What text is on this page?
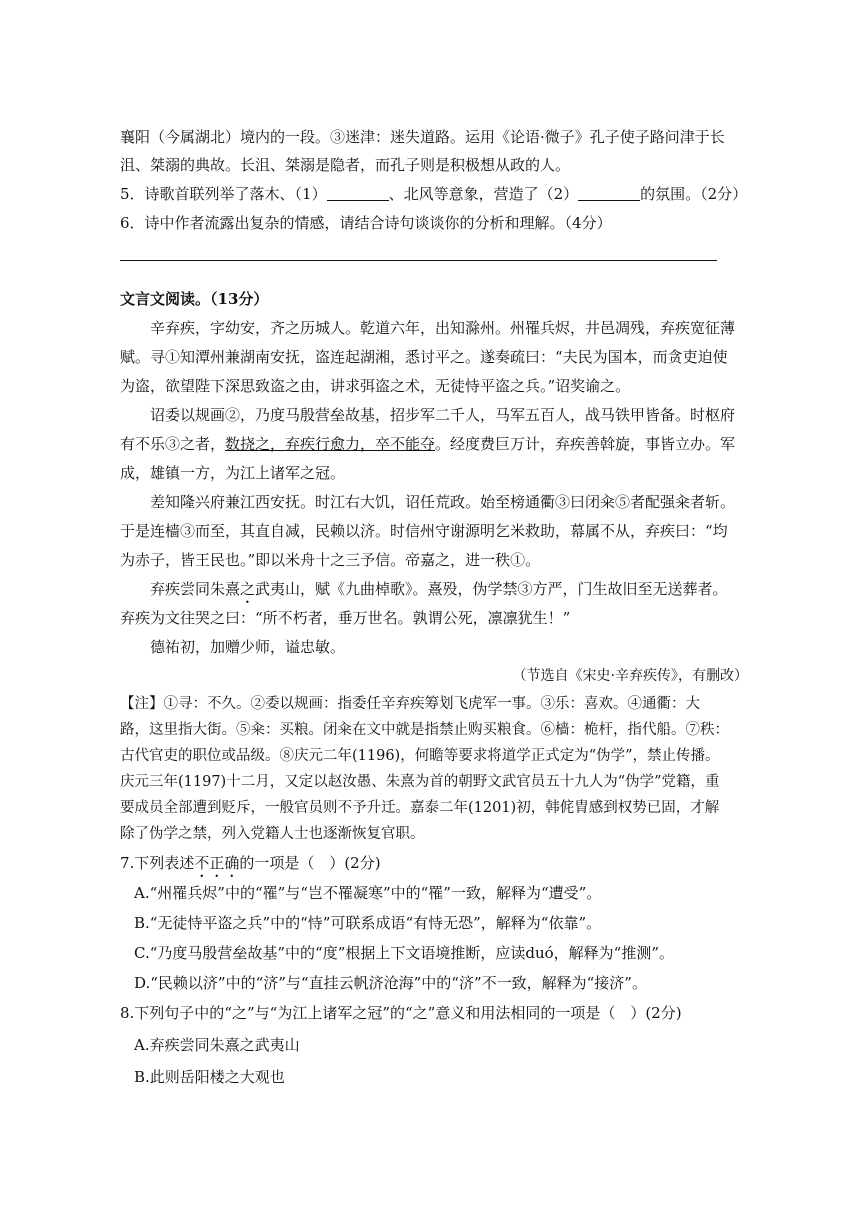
襄阳（今属湖北）境内的一段。③迷津：迷失道路。运用《论语·微子》孔子使子路问津于长
沮、桀溺的典故。长沮、桀溺是隐者，而孔子则是积极想从政的人。
5．诗歌首联列举了落木、（1）	、北风等意象，营造了（2）	的氛围。（2分）
6．诗中作者流露出复杂的情感，请结合诗句谈谈你的分析和理解。（4分）
文言文阅读。（13分）
辛弃疾，字幼安，齐之历城人。乾道六年，出知滁州。州罹兵烬，井邑凋残，弃疾宽征薄
赋。寻①知潭州兼湖南安抚，盗连起湖湘，悉讨平之。遂奏疏曰：“夫民为国本，而贪吏迫使
为盗，欲望陛下深思致盗之由，讲求弭盗之术，无徒恃平盗之兵。”诏奖谕之。
诏委以规画②，乃度马殷营垒故基，招步军二千人，马军五百人，战马铁甲皆备。时枢府
有不乐③之者，数挠之，弃疾行愈力，卒不能夺。经度费巨万计，弃疾善斡旋，事皆立办。军
成，雄镇一方，为江上诸军之冠。
差知隆兴府兼江西安抚。时江右大饥，诏任荒政。始至榜通衢③曰闭籴⑤者配强籴者斩。
于是连樯③而至，其直自减，民赖以济。时信州守谢源明乞米救助，幕属不从，弃疾曰：“均
为赤子，皆王民也。”即以米舟十之三予信。帝嘉之，进一秩①。
弃疾尝同朱熹之武夷山，赋《九曲棹歌》。熹殁，伪学禁③方严，门生故旧至无送葬者。
弃疾为文往哭之曰：“所不朽者，垂万世名。孰谓公死，凛凛犹生！”
德祐初，加赠少师，谥忠敏。
（节选自《宋史·辛弃疾传》，有删改）
【注】①寻：不久。②委以规画：指委任辛弃疾筹划飞虎军一事。③乐：喜欢。④通衢：大
路，这里指大街。⑤籴：买粮。闭籴在文中就是指禁止购买粮食。⑥樯：桅杆，指代船。⑦秩：
古代官吏的职位或品级。⑧庆元二年(1196)，何瞻等要求将道学正式定为“伪学”，禁止传播。
庆元三年(1197)十二月，又定以赵汝愚、朱熹为首的朝野文武官员五十九人为“伪学”党籍，重
要成员全部遭到贬斥，一般官员则不予升迁。嘉泰二年(1201)初，韩侂胄感到权势已固，才解
除了伪学之禁，列入党籍人士也逐渐恢复官职。
7.下列表述不正确的一项是（　）(2分)
A.“州罹兵烬”中的“罹”与“岂不罹凝寒”中的“罹”一致，解释为“遭受”。
B.“无徒恃平盗之兵”中的“恃”可联系成语“有恃无恐”，解释为“依靠”。
C.“乃度马殷营垒故基”中的“度”根据上下文语境推断，应读duó，解释为“推测”。
D.“民赖以济”中的“济”与“直挂云帆济沧海”中的“济”不一致，解释为“接济”。
8.下列句子中的“之”与“为江上诸军之冠”的“之”意义和用法相同的一项是（　）(2分)
A.弃疾尝同朱熹之武夷山
B.此则岳阳楼之大观也
